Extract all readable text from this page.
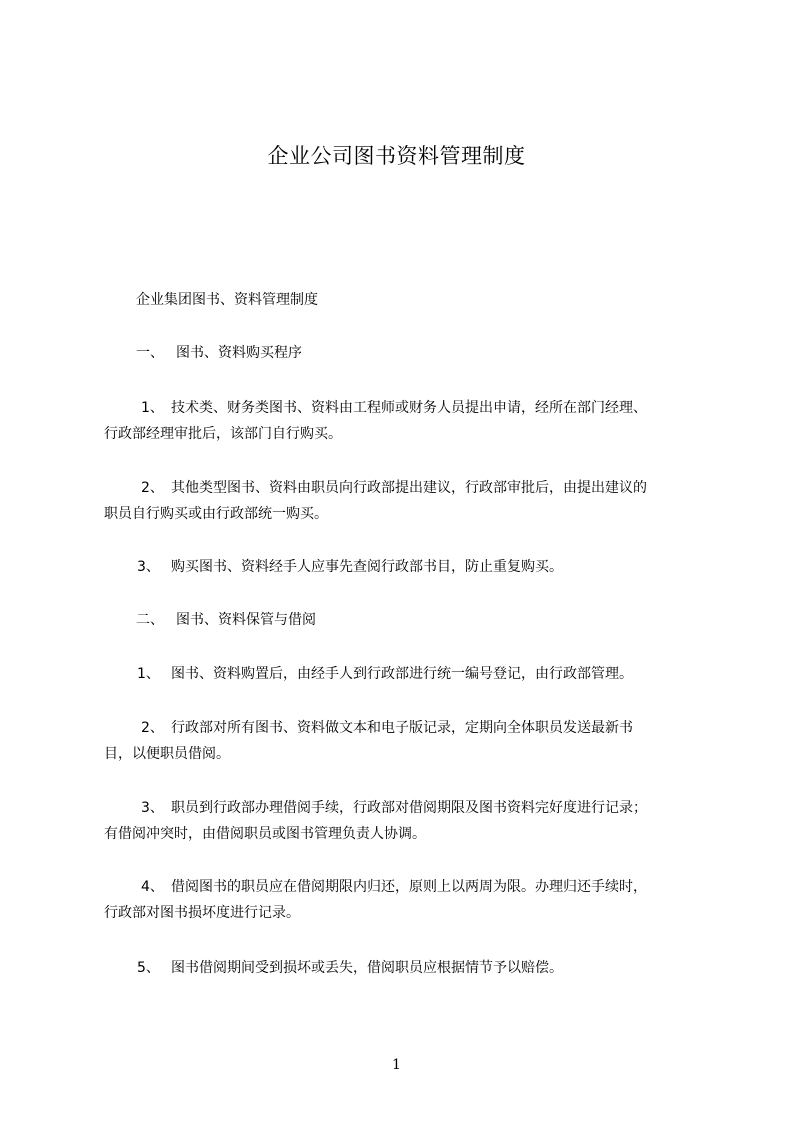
企业公司图书资料管理制度
企业集团图书、资料管理制度
一、 图书、资料购买程序
1、 技术类、财务类图书、资料由工程师或财务人员提出申请，经所在部门经理、
行政部经理审批后，该部门自行购买。
2、 其他类型图书、资料由职员向行政部提出建议，行政部审批后，由提出建议的
职员自行购买或由行政部统一购买。
3、 购买图书、资料经手人应事先查阅行政部书目，防止重复购买。
二、 图书、资料保管与借阅
1、 图书、资料购置后，由经手人到行政部进行统一编号登记，由行政部管理。
2、 行政部对所有图书、资料做文本和电子版记录，定期向全体职员发送最新书
目，以便职员借阅。
3、 职员到行政部办理借阅手续，行政部对借阅期限及图书资料完好度进行记录；
有借阅冲突时，由借阅职员或图书管理负责人协调。
4、 借阅图书的职员应在借阅期限内归还，原则上以两周为限。办理归还手续时，
行政部对图书损坏度进行记录。
5、 图书借阅期间受到损坏或丢失，借阅职员应根据情节予以赔偿。
1
